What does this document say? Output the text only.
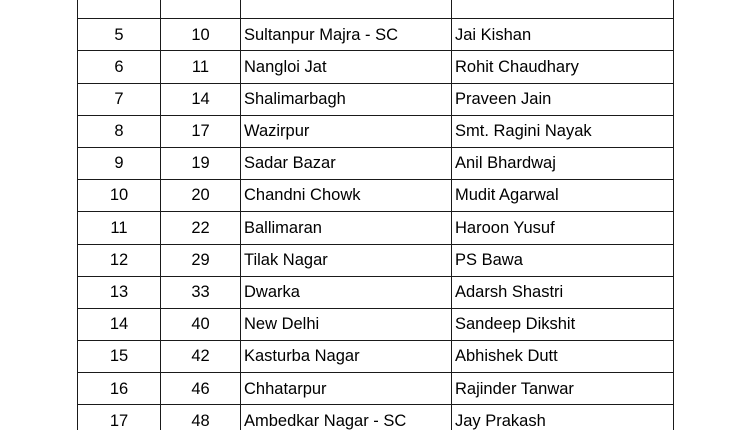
5	10	Sultanpur Majra - SC	Jai Kishan
6	11	Nangloi Jat	Rohit Chaudhary
7	14	Shalimarbagh	Praveen Jain
8	17	Wazirpur	Smt. Ragini Nayak
9	19	Sadar Bazar	Anil Bhardwaj
10	20	Chandni Chowk	Mudit Agarwal
11	22	Ballimaran	Haroon Yusuf
12	29	Tilak Nagar	PS Bawa
13	33	Dwarka	Adarsh Shastri
14	40	New Delhi	Sandeep Dikshit
15	42	Kasturba Nagar	Abhishek Dutt
16	46	Chhatarpur	Rajinder Tanwar
17	48	Ambedkar Nagar - SC	Jay Prakash
